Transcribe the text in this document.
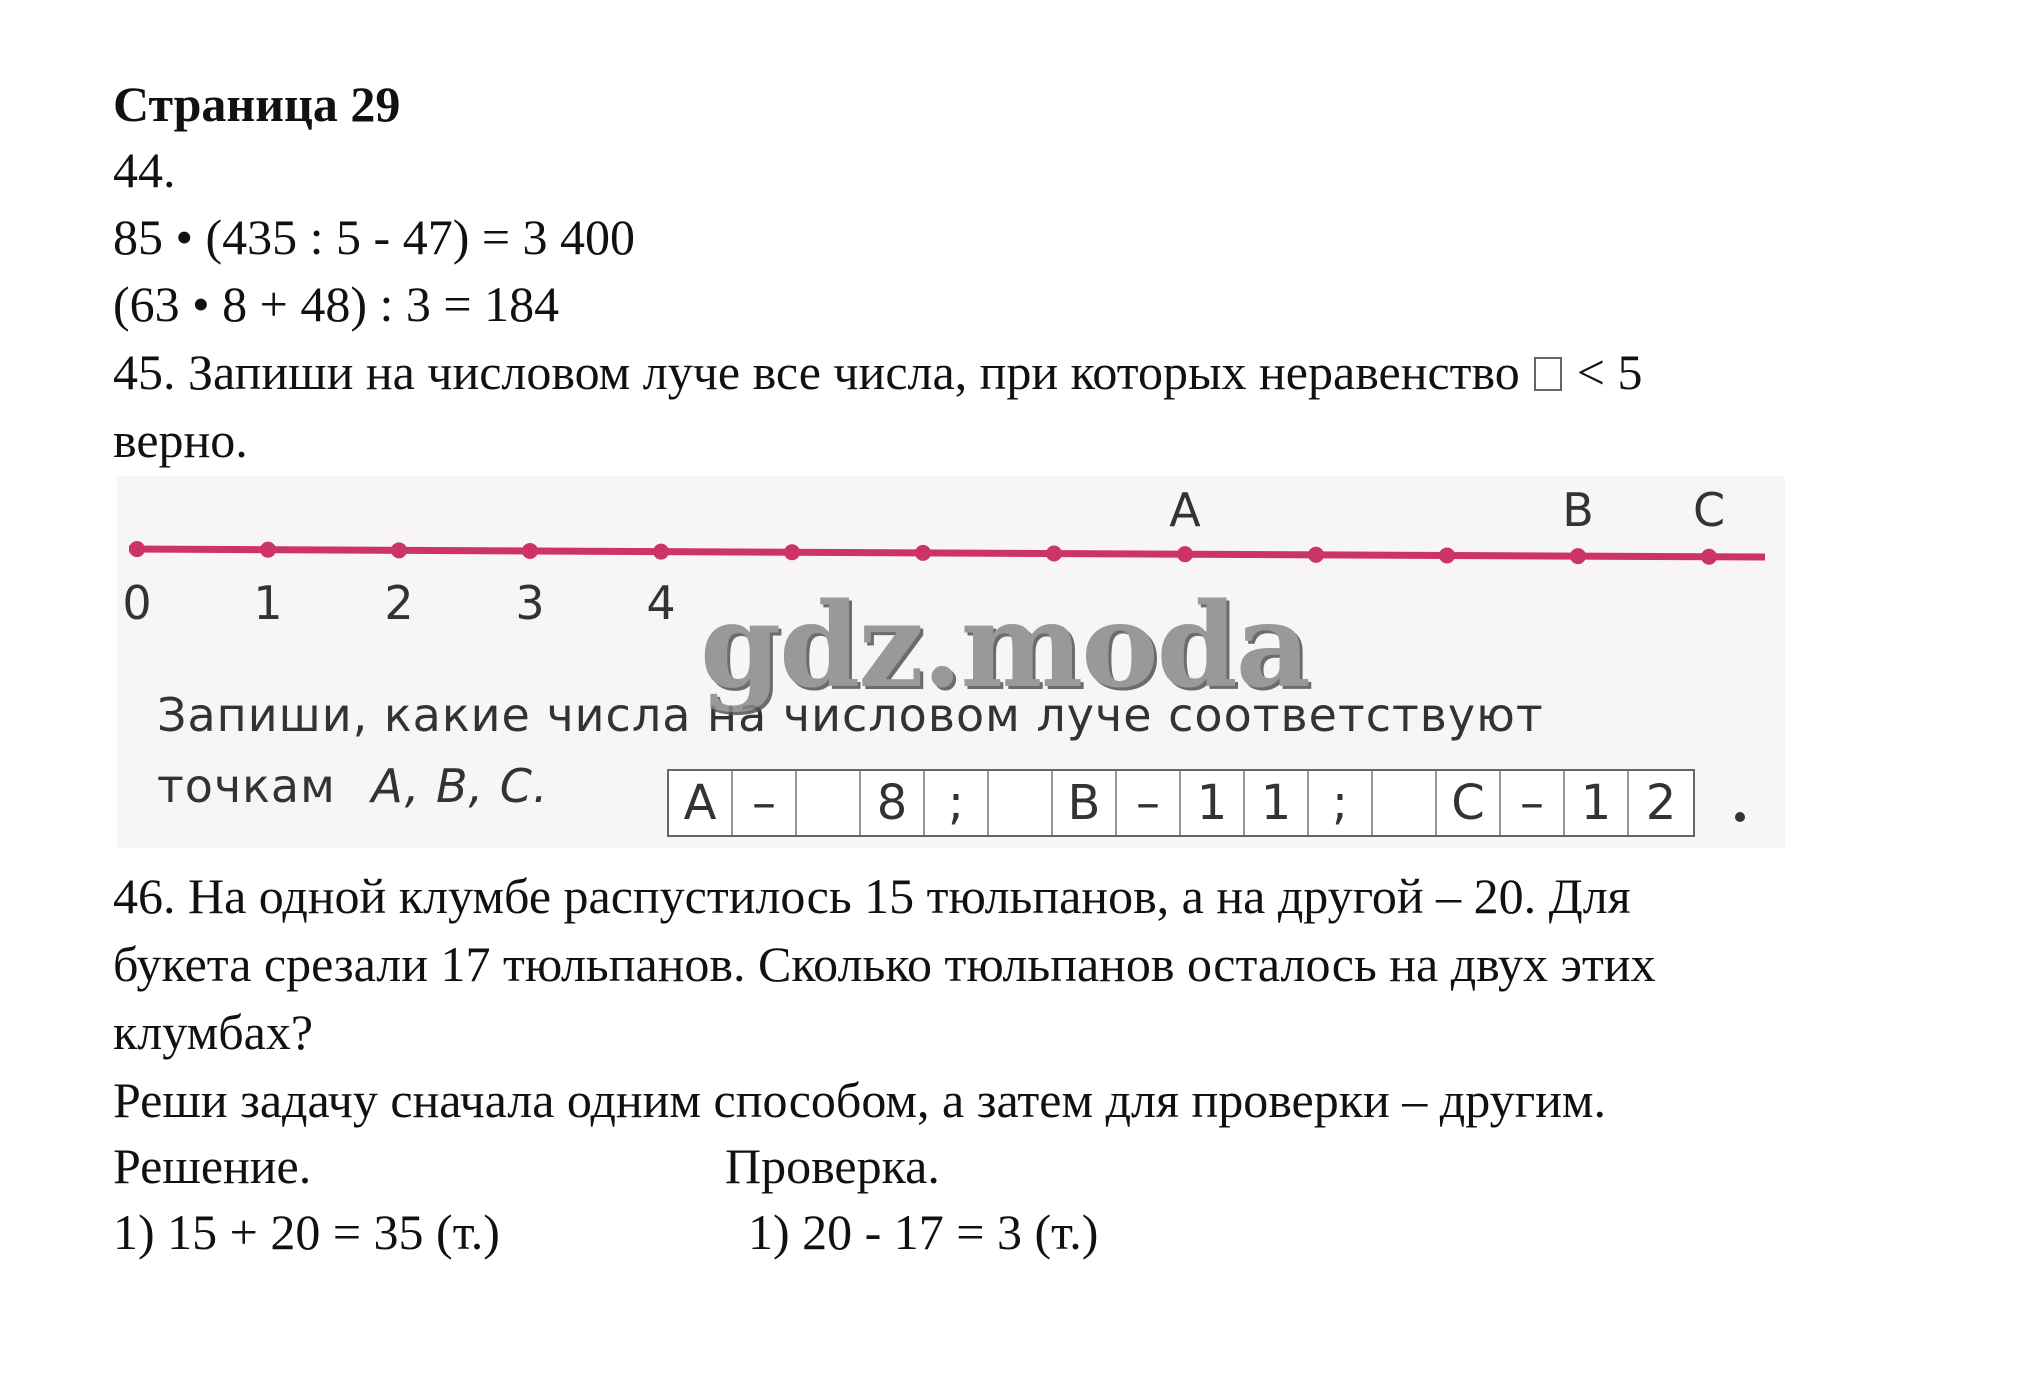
Страница 29
44.
85 • (435 : 5 - 47) = 3 400
(63 • 8 + 48) : 3 = 184
45. Запиши на числовом луче все числа, при которых неравенство < 5
верно.
0 1 2 3 4
A	B C
Запиши, какие числа на числовом луче соответствуют
точкам A, B, C.	A –	8 ;	B – 1 1 ;	C – 1 2
gdz.moda
46. На одной клумбе распустилось 15 тюльпанов, а на другой – 20. Для
букета срезали 17 тюльпанов. Сколько тюльпанов осталось на двух этих
клумбах?
Реши задачу сначала одним способом, а затем для проверки – другим.
Решение.	Проверка.
1) 15 + 20 = 35 (т.)	1) 20 - 17 = 3 (т.)
